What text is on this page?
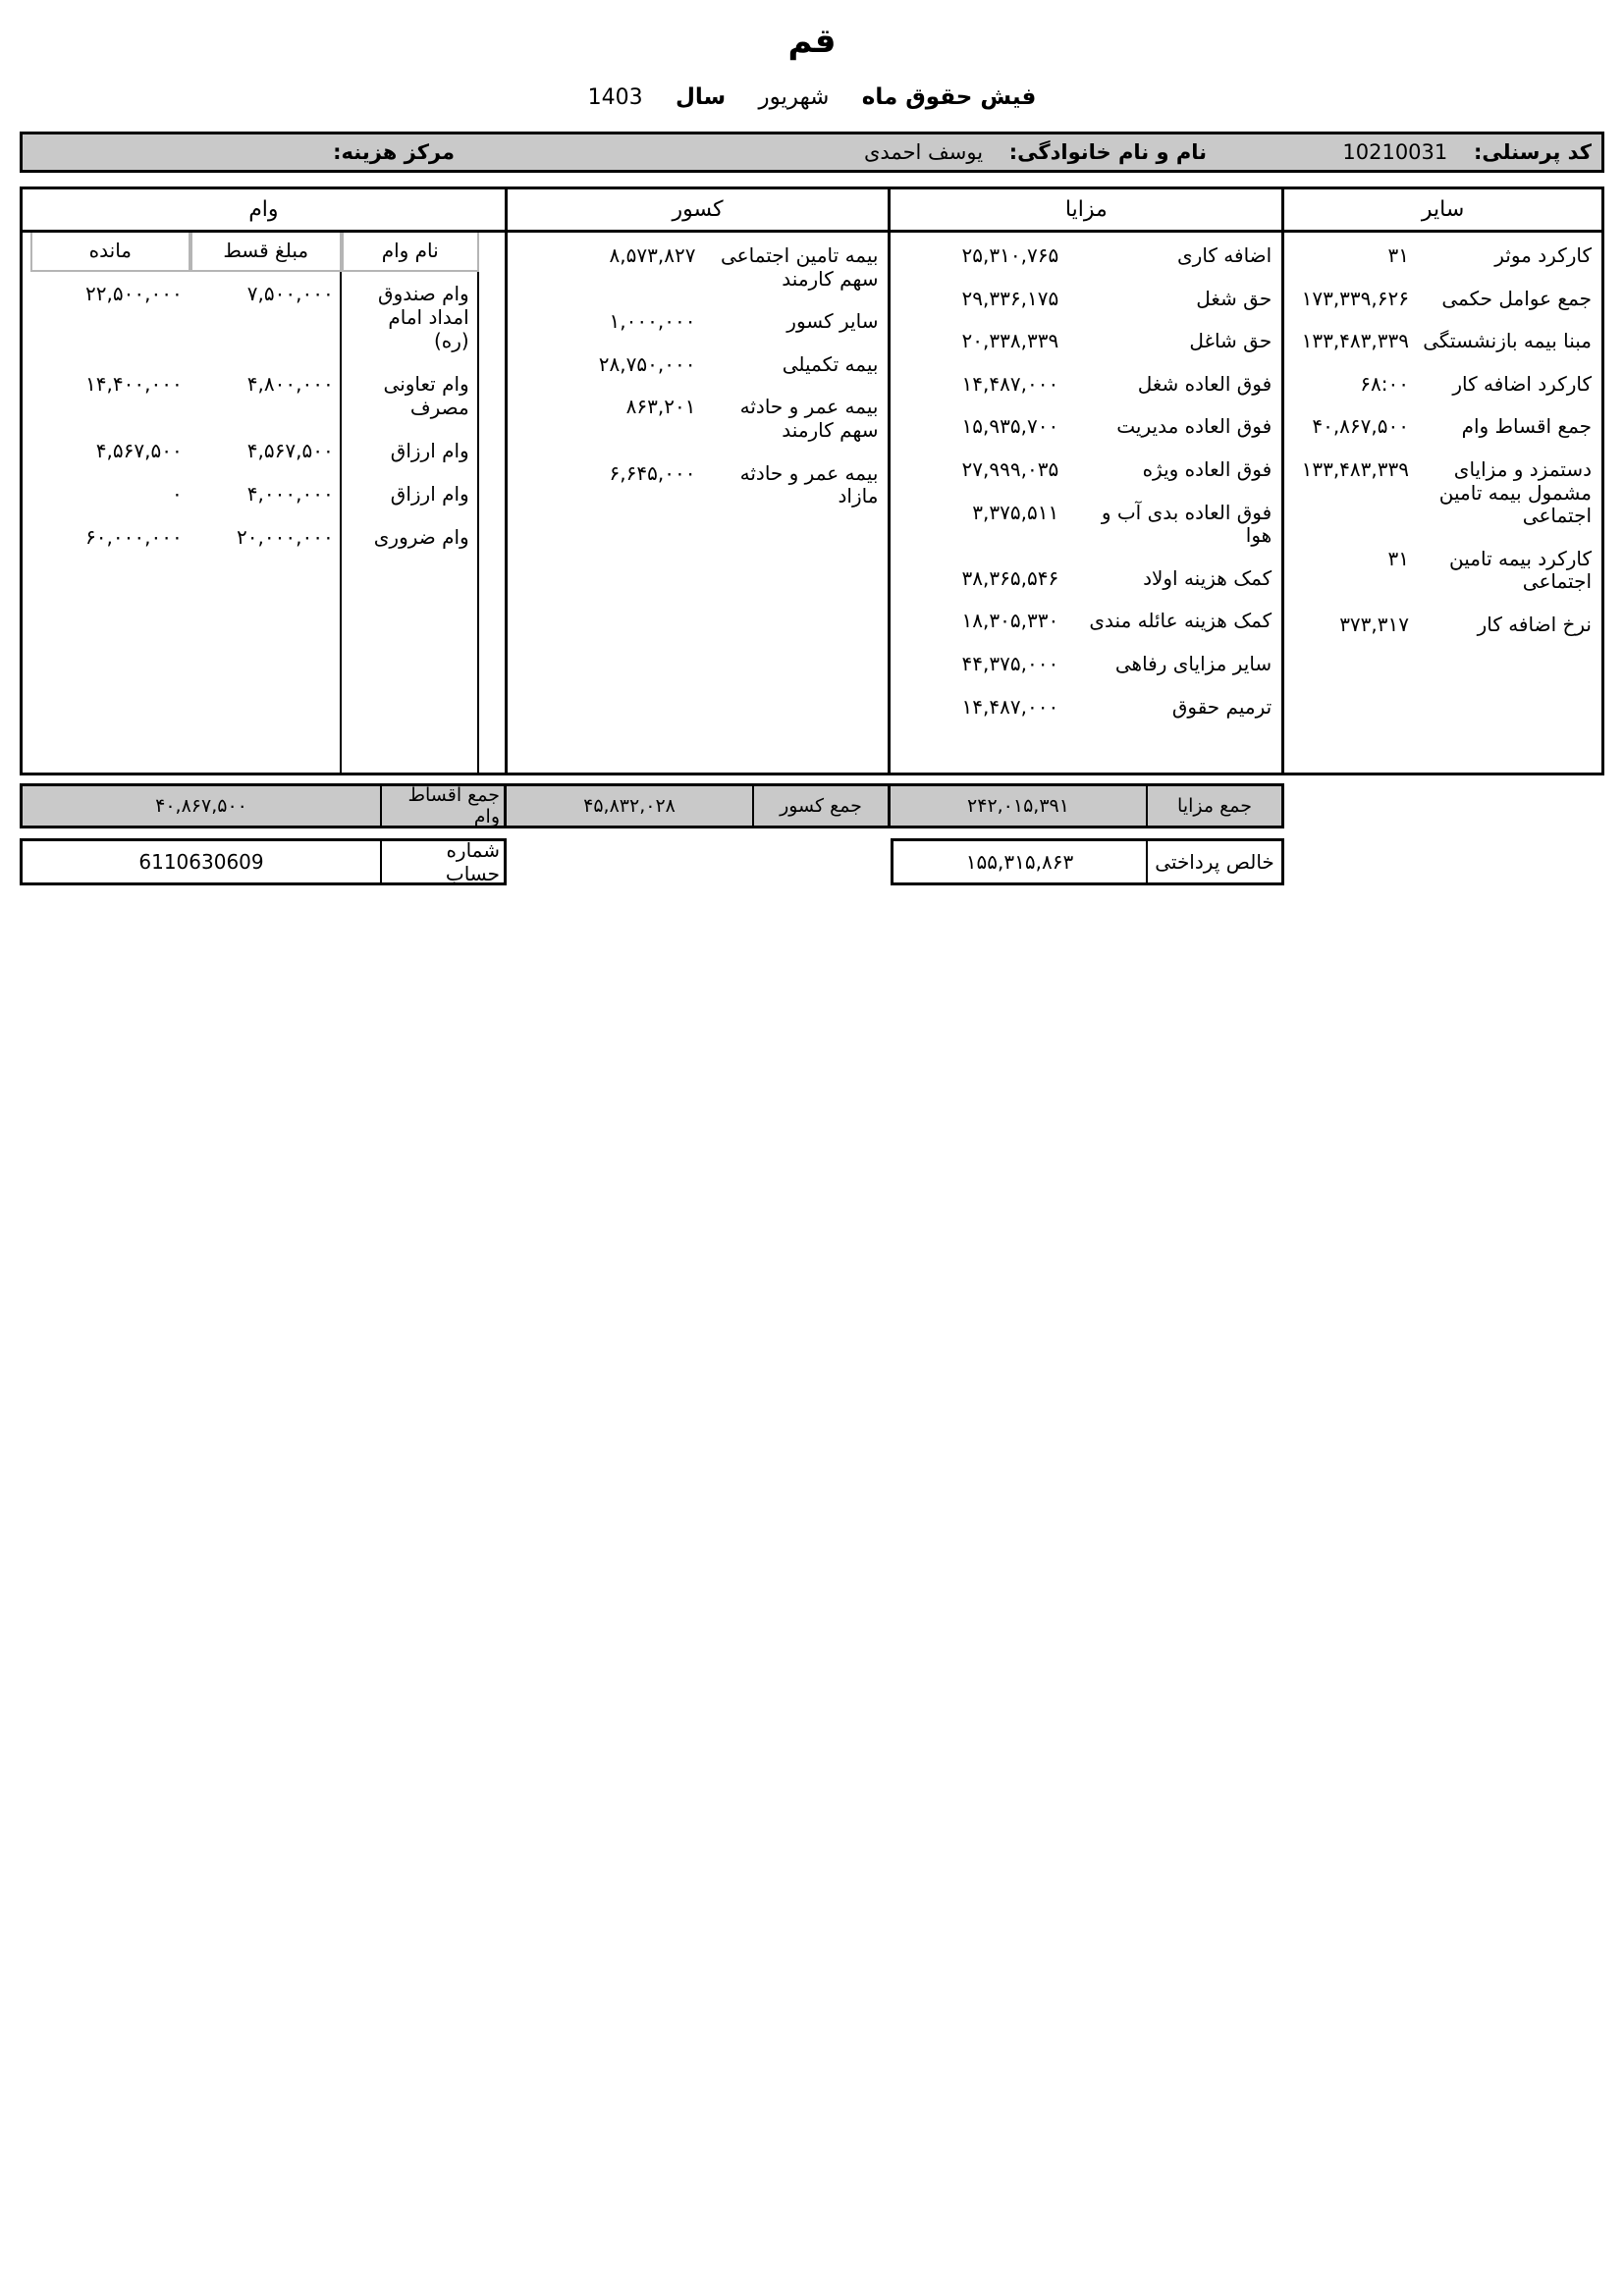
قم
فیش حقوق ماه شهریور سال 1403
کد پرسنلی: 10210031
نام و نام خانوادگی: یوسف احمدی
مرکز هزینه:
سایر
کارکرد موثر
۳۱
جمع عوامل حکمی
۱۷۳,۳۳۹,​۶۲۶
مبنا بیمه بازنشستگی
۱۳۳,۴۸۳,​۳۳۹
کارکرد اضافه کار
۶۸:۰۰
جمع اقساط وام
۴۰,۸۶۷,۵۰۰
دستمزد و مزایای مشمول بیمه تامین اجتماعی
۱۳۳,۴۸۳,​۳۳۹
کارکرد بیمه تامین اجتماعی
۳۱
نرخ اضافه کار
۳۷۳,۳۱۷
مزایا
اضافه کاری
۲۵,۳۱۰,۷۶۵
حق شغل
۲۹,۳۳۶,۱۷۵
حق شاغل
۲۰,۳۳۸,۳۳۹
فوق العاده شغل
۱۴,۴۸۷,۰۰۰
فوق العاده مدیریت
۱۵,۹۳۵,۷۰۰
فوق العاده ویژه
۲۷,۹۹۹,۰۳۵
فوق العاده بدی آب و هوا
۳,۳۷۵,۵۱۱
کمک هزینه اولاد
۳۸,۳۶۵,۵۴۶
کمک هزینه عائله مندی
۱۸,۳۰۵,۳۳۰
سایر مزایای رفاهی
۴۴,۳۷۵,۰۰۰
ترمیم حقوق
۱۴,۴۸۷,۰۰۰
کسور
بیمه تامین اجتماعی سهم کارمند
۸,۵۷۳,۸۲۷
سایر کسور
۱,۰۰۰,۰۰۰
بیمه تکمیلی
۲۸,۷۵۰,۰۰۰
بیمه عمر و حادثه سهم کارمند
۸۶۳,۲۰۱
بیمه عمر و حادثه مازاد
۶,۶۴۵,۰۰۰
وام
نام وام
مبلغ قسط
مانده
وام صندوق امداد امام (ره)
۷,۵۰۰,۰۰۰
۲۲,۵۰۰,۰۰۰
وام تعاونی مصرف
۴,۸۰۰,۰۰۰
۱۴,۴۰۰,۰۰۰
وام ارزاق
۴,۵۶۷,۵۰۰
۴,۵۶۷,۵۰۰
وام ارزاق
۴,۰۰۰,۰۰۰
۰
وام ضروری
۲۰,۰۰۰,۰۰۰
۶۰,۰۰۰,۰۰۰
جمع مزایا
۲۴۲,۰۱۵,۳۹۱
جمع کسور
۴۵,۸۳۲,۰۲۸
جمع اقساط وام
۴۰,۸۶۷,۵۰۰
خالص پرداختی
۱۵۵,۳۱۵,۸۶۳
شماره حساب
6110630609
